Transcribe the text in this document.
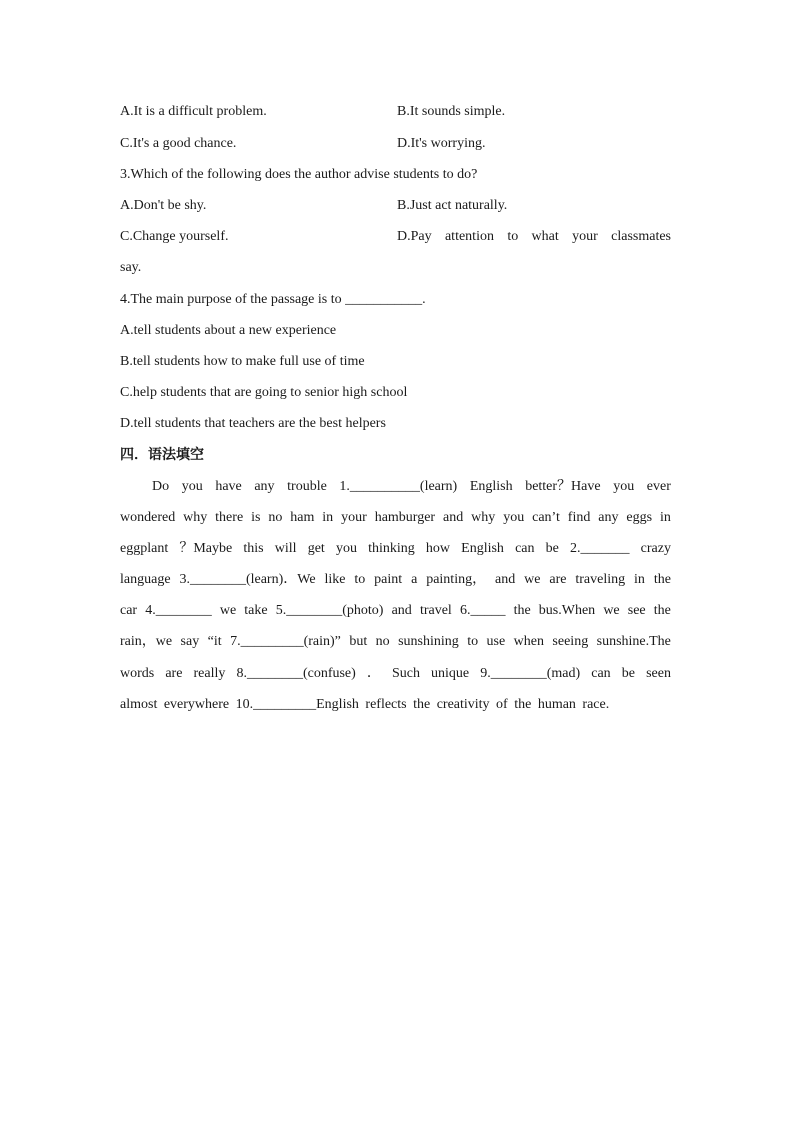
A.It is a difficult problem.	B.It sounds simple.
C.It's a good chance.	D.It's worrying.
3.Which of the following does the author advise students to do?
A.Don't be shy.	B.Just act naturally.
C.Change yourself.	D.Pay attention to what your classmates
say.
4.The main purpose of the passage is to ___________.
A.tell students about a new experience
B.tell students how to make full use of time
C.help students that are going to senior high school
D.tell students that teachers are the best helpers
四．语法填空
Do you have any trouble 1.__________(learn) English better？Have you ever
wondered why there is no ham in your hamburger and why you can’t find any eggs in
eggplant ？Maybe this will get you thinking how English can be 2._______ crazy
language 3.________(learn)．We like to paint a painting， and we are traveling in the
car 4.________ we take 5.________(photo) and travel 6._____ the bus.When we see the
rain，we say “it 7._________(rain)” but no sunshining to use when seeing sunshine.The
words are really 8.________(confuse) ． Such unique 9.________(mad) can be seen
almost everywhere 10._________English reflects the creativity of the human race.
